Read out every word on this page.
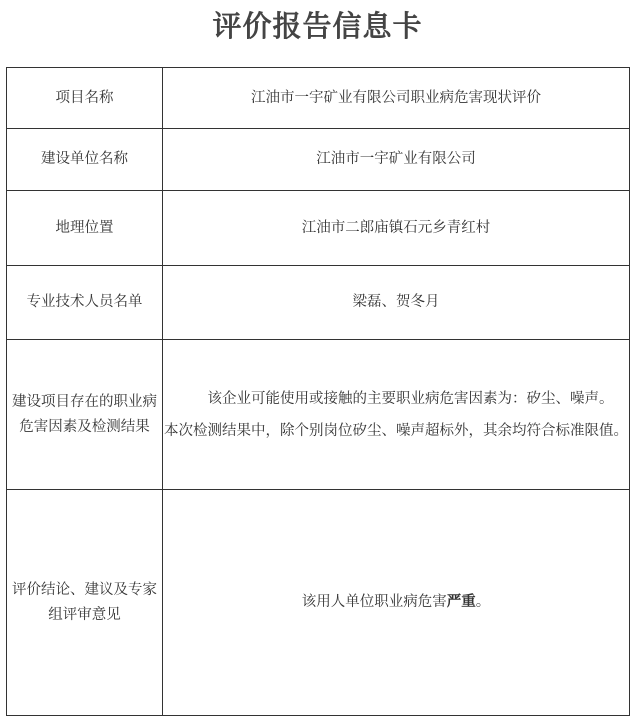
评价报告信息卡
项目名称	江油市一宇矿业有限公司职业病危害现状评价
建设单位名称	江油市一宇矿业有限公司
地理位置	江油市二郎庙镇石元乡青红村
专业技术人员名单	梁磊、贺冬月
建设项目存在的职业病危害因素及检测结果	该企业可能使用或接触的主要职业病危害因素为：矽尘、噪声。
本次检测结果中，除个别岗位矽尘、噪声超标外，其余均符合标准限值。

评价结论、建议及专家组评审意见	该用人单位职业病危害严重。
